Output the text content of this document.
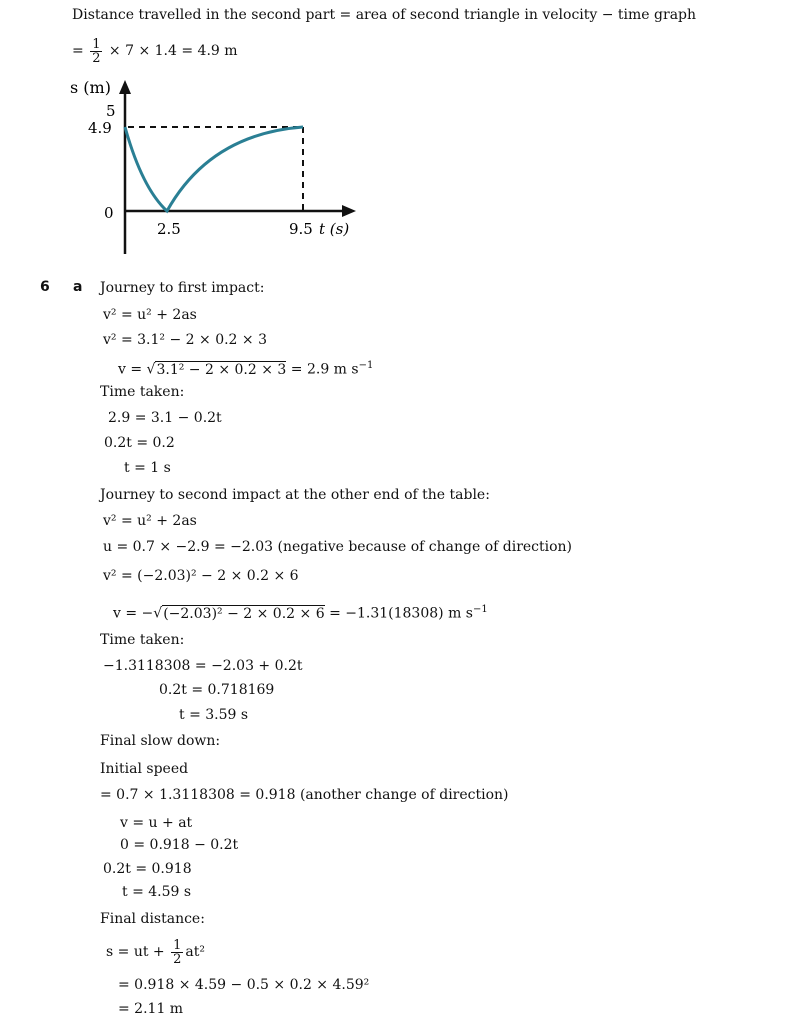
Distance travelled in the second part = area of second triangle in velocity − time graph
= $\frac{1}{2} \times 7 \times 1.4 = 4.9$ m
s (m)
5
4.9
0
2.5	9.5 t (s)
6 a Journey to first impact:
v² = u² + 2as
v² = 3.1² − 2 × 0.2 × 3
v = √3.1² − 2 × 0.2 × 3 = 2.9 m $s^{-1}$
Time taken:
2.9 = 3.1 − 0.2t
0.2t = 0.2
t = 1 s
Journey to second impact at the other end of the table:
v² = u² + 2as
u = 0.7 × −2.9 = −2.03 (negative because of change of direction)
v² = (−2.03)² − 2 × 0.2 × 6
v = −√(−2.03)² − 2 × 0.2 × 6 = −1.31(18308) m $s^{-1}$
Time taken:
−1.3118308 = −2.03 + 0.2t
0.2t = 0.718169
t = 3.59 s
Final slow down:
Initial speed
= 0.7 × 1.3118308 = 0.918 (another change of direction)
v = u + at
0 = 0.918 − 0.2t
0.2t = 0.918
t = 4.59 s
Final distance:
s = ut + $\frac{1}{2} at^2$
= 0.918 × 4.59 − 0.5 × 0.2 × 4.59²
= 2.11 m
